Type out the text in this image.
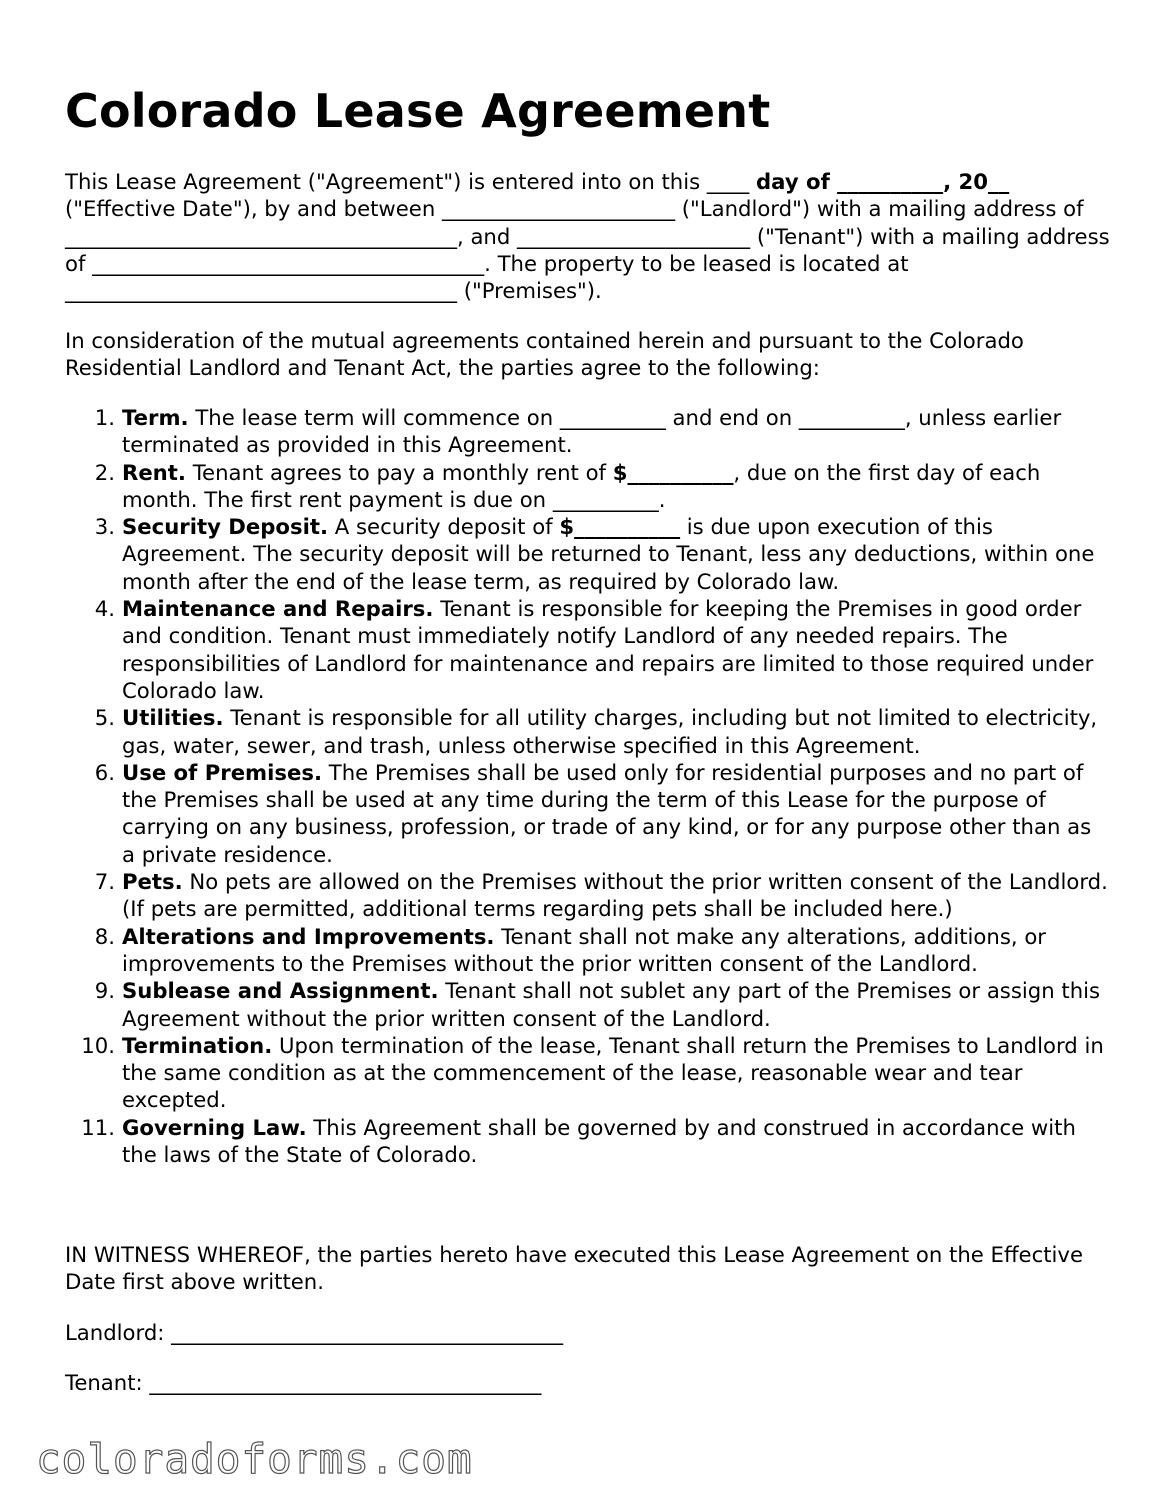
Colorado Lease Agreement

This Lease Agreement ("Agreement") is entered into on this ____ day of __________, 20__ ("Effective Date"), by and between ______________________ ("Landlord") with a mailing address of _____________________________________, and ______________________ ("Tenant") with a mailing address of _____________________________________. The property to be leased is located at _____________________________________ ("Premises").

In consideration of the mutual agreements contained herein and pursuant to the Colorado Residential Landlord and Tenant Act, the parties agree to the following:

1. Term. The lease term will commence on __________ and end on __________, unless earlier terminated as provided in this Agreement.
2. Rent. Tenant agrees to pay a monthly rent of $__________, due on the first day of each month. The first rent payment is due on __________.
3. Security Deposit. A security deposit of $__________ is due upon execution of this Agreement. The security deposit will be returned to Tenant, less any deductions, within one month after the end of the lease term, as required by Colorado law.
4. Maintenance and Repairs. Tenant is responsible for keeping the Premises in good order and condition. Tenant must immediately notify Landlord of any needed repairs. The responsibilities of Landlord for maintenance and repairs are limited to those required under Colorado law.
5. Utilities. Tenant is responsible for all utility charges, including but not limited to electricity, gas, water, sewer, and trash, unless otherwise specified in this Agreement.
6. Use of Premises. The Premises shall be used only for residential purposes and no part of the Premises shall be used at any time during the term of this Lease for the purpose of carrying on any business, profession, or trade of any kind, or for any purpose other than as a private residence.
7. Pets. No pets are allowed on the Premises without the prior written consent of the Landlord. (If pets are permitted, additional terms regarding pets shall be included here.)
8. Alterations and Improvements. Tenant shall not make any alterations, additions, or improvements to the Premises without the prior written consent of the Landlord.
9. Sublease and Assignment. Tenant shall not sublet any part of the Premises or assign this Agreement without the prior written consent of the Landlord.
10. Termination. Upon termination of the lease, Tenant shall return the Premises to Landlord in the same condition as at the commencement of the lease, reasonable wear and tear excepted.
11. Governing Law. This Agreement shall be governed by and construed in accordance with the laws of the State of Colorado.

IN WITNESS WHEREOF, the parties hereto have executed this Lease Agreement on the Effective Date first above written.

Landlord: _____________________________________
Tenant: _____________________________________
coloradoforms.com
